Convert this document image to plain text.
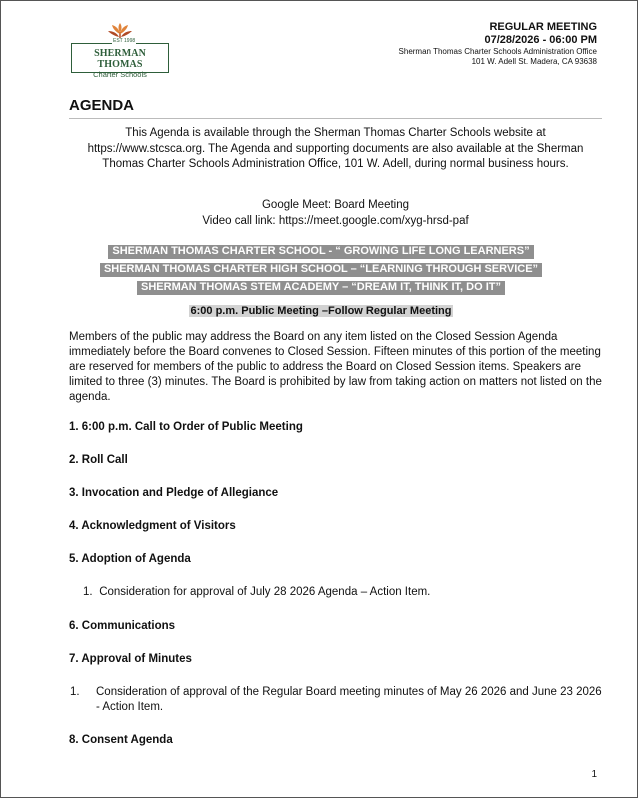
EST 1998
SHERMAN THOMAS
Charter Schools
REGULAR MEETING
07/28/2026 - 06:00 PM
Sherman Thomas Charter Schools Administration Office
101 W. Adell St. Madera, CA 93638
AGENDA
This Agenda is available through the Sherman Thomas Charter Schools website at https://www.stcsca.org. The Agenda and supporting documents are also available at the Sherman Thomas Charter Schools Administration Office, 101 W. Adell, during normal business hours.
Google Meet: Board Meeting
Video call link: https://meet.google.com/xyg-hrsd-paf
SHERMAN THOMAS CHARTER SCHOOL - “ GROWING LIFE LONG LEARNERS”
SHERMAN THOMAS CHARTER HIGH SCHOOL – “LEARNING THROUGH SERVICE”
SHERMAN THOMAS STEM ACADEMY – “DREAM IT, THINK IT, DO IT”
6:00 p.m. Public Meeting –Follow Regular Meeting
Members of the public may address the Board on any item listed on the Closed Session Agenda immediately before the Board convenes to Closed Session. Fifteen minutes of this portion of the meeting are reserved for members of the public to address the Board on Closed Session items. Speakers are limited to three (3) minutes. The Board is prohibited by law from taking action on matters not listed on the agenda.
1. 6:00 p.m. Call to Order of Public Meeting
2. Roll Call
3. Invocation and Pledge of Allegiance
4. Acknowledgment of Visitors
5. Adoption of Agenda
1. Consideration for approval of July 28 2026 Agenda – Action Item.
6. Communications
7. Approval of Minutes
1. Consideration of approval of the Regular Board meeting minutes of May 26 2026 and June 23 2026 - Action Item.
8. Consent Agenda
1
